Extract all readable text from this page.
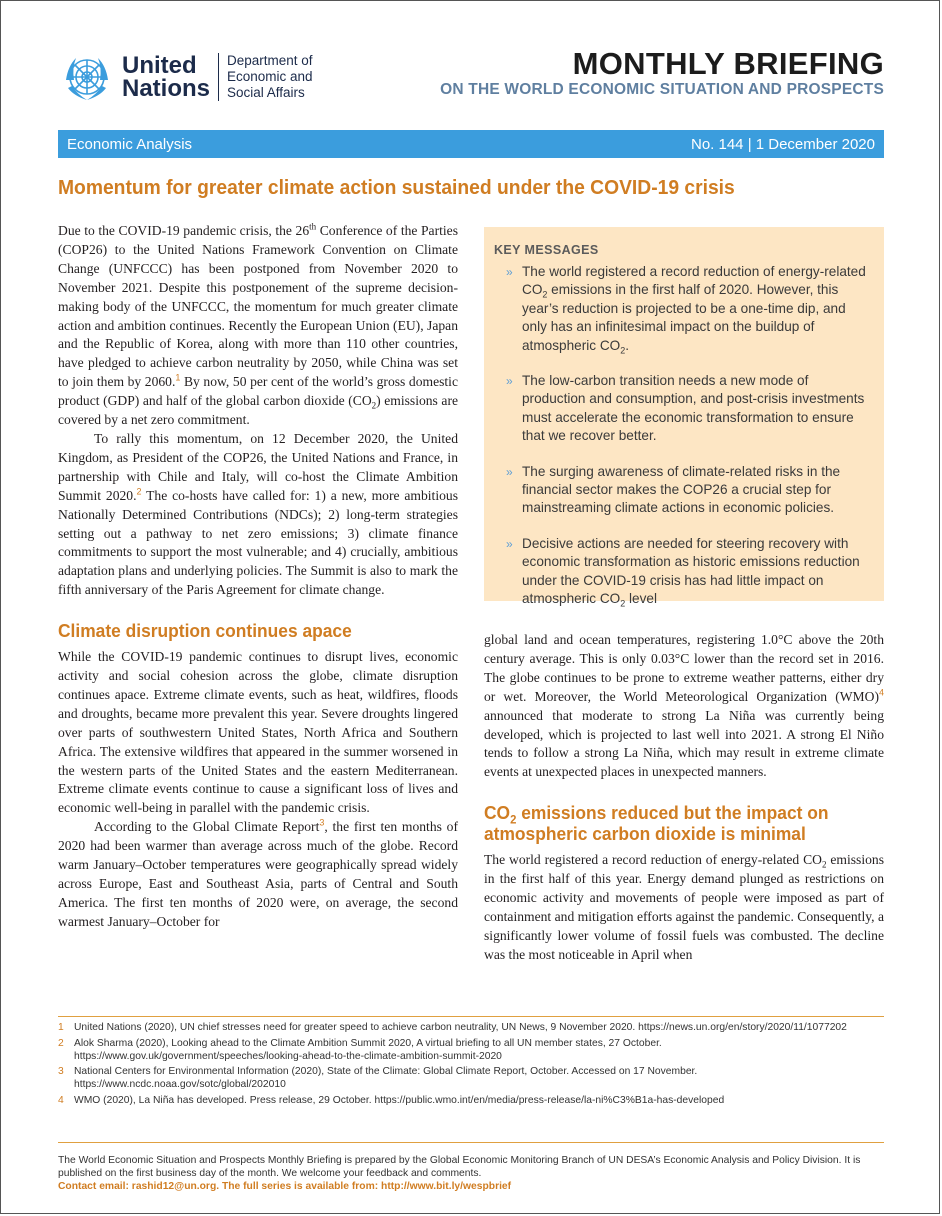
United
Nations
Department of
Economic and
Social Affairs
MONTHLY BRIEFING
ON THE WORLD ECONOMIC SITUATION AND PROSPECTS
Economic Analysis	No. 144 | 1 December 2020
Momentum for greater climate action sustained under the COVID-19 crisis

Due to the COVID-19 pandemic crisis, the 26th Conference of the Parties (COP26) to the United Nations Framework Convention on Climate Change (UNFCCC) has been postponed from November 2020 to November 2021. Despite this postponement of the supreme decision-making body of the UNFCCC, the momentum for much greater climate action and ambition continues. Recently the European Union (EU), Japan and the Republic of Korea, along with more than 110 other countries, have pledged to achieve carbon neutrality by 2050, while China was set to join them by 2060.$^1$ By now, 50 per cent of the world’s gross domestic product (GDP) and half of the global carbon dioxide $(CO_2)$ emissions are covered by a net zero commitment.

To rally this momentum, on 12 December 2020, the United Kingdom, as President of the COP26, the United Nations and France, in partnership with Chile and Italy, will co-host the Climate Ambition Summit 2020.$^2$ The co-hosts have called for: 1) a new, more ambitious Nationally Determined Contributions (NDCs); 2) long-term strategies setting out a pathway to net zero emissions; 3) climate finance commitments to support the most vulnerable; and 4) crucially, ambitious adaptation plans and underlying policies. The Summit is also to mark the fifth anniversary of the Paris Agreement for climate change.

Climate disruption continues apace

While the COVID-19 pandemic continues to disrupt lives, economic activity and social cohesion across the globe, climate disruption continues apace. Extreme climate events, such as heat, wildfires, floods and droughts, became more prevalent this year. Severe droughts lingered over parts of southwestern United States, North Africa and Southern Africa. The extensive wildfires that appeared in the summer worsened in the western parts of the United States and the eastern Mediterranean. Extreme climate events continue to cause a significant loss of lives and economic well-being in parallel with the pandemic crisis.

According to the Global Climate Report$^3$, the first ten months of 2020 had been warmer than average across much of the globe. Record warm January–October temperatures were geographically spread widely across Europe, East and Southeast Asia, parts of Central and South America. The first ten months of 2020 were, on average, the second warmest January–October for

KEY MESSAGES
» The world registered a record reduction of energy-related $CO_2$ emissions in the first half of 2020. However, this year’s reduction is projected to be a one-time dip, and only has an infinitesimal impact on the buildup of atmospheric $CO_2$.
» The low-carbon transition needs a new mode of production and consumption, and post-crisis investments must accelerate the economic transformation to ensure that we recover better.
» The surging awareness of climate-related risks in the financial sector makes the COP26 a crucial step for mainstreaming climate actions in economic policies.
» Decisive actions are needed for steering recovery with economic transformation as historic emissions reduction under the COVID-19 crisis has had little impact on atmospheric $CO_2$ level

global land and ocean temperatures, registering 1.0°C above the 20th century average. This is only 0.03°C lower than the record set in 2016. The globe continues to be prone to extreme weather patterns, either dry or wet. Moreover, the World Meteorological Organization (WMO)$^4$ announced that moderate to strong La Niña was currently being developed, which is projected to last well into 2021. A strong El Niño tends to follow a strong La Niña, which may result in extreme climate events at unexpected places in unexpected manners.

$CO_2$ emissions reduced but the impact on
atmospheric carbon dioxide is minimal

The world registered a record reduction of energy-related $CO_2$ emissions in the first half of this year. Energy demand plunged as restrictions on economic activity and movements of people were imposed as part of containment and mitigation efforts against the pandemic. Consequently, a significantly lower volume of fossil fuels was combusted. The decline was the most noticeable in April when

1 United Nations (2020), UN chief stresses need for greater speed to achieve carbon neutrality, UN News, 9 November 2020. https://news.un.org/en/story/2020/11/1077202
2 Alok Sharma (2020), Looking ahead to the Climate Ambition Summit 2020, A virtual briefing to all UN member states, 27 October. https://www.gov.uk/government/speeches/looking-ahead-to-the-climate-ambition-summit-2020
3 National Centers for Environmental Information (2020), State of the Climate: Global Climate Report, October. Accessed on 17 November. https://www.ncdc.noaa.gov/sotc/global/202010
4 WMO (2020), La Niña has developed. Press release, 29 October. https://public.wmo.int/en/media/press-release/la-ni%C3%B1a-has-developed
The World Economic Situation and Prospects Monthly Briefing is prepared by the Global Economic Monitoring Branch of UN DESA’s Economic Analysis and Policy Division. It is published on the first business day of the month. We welcome your feedback and comments.
Contact email: rashid12@un.org. The full series is available from: http://www.bit.ly/wespbrief
